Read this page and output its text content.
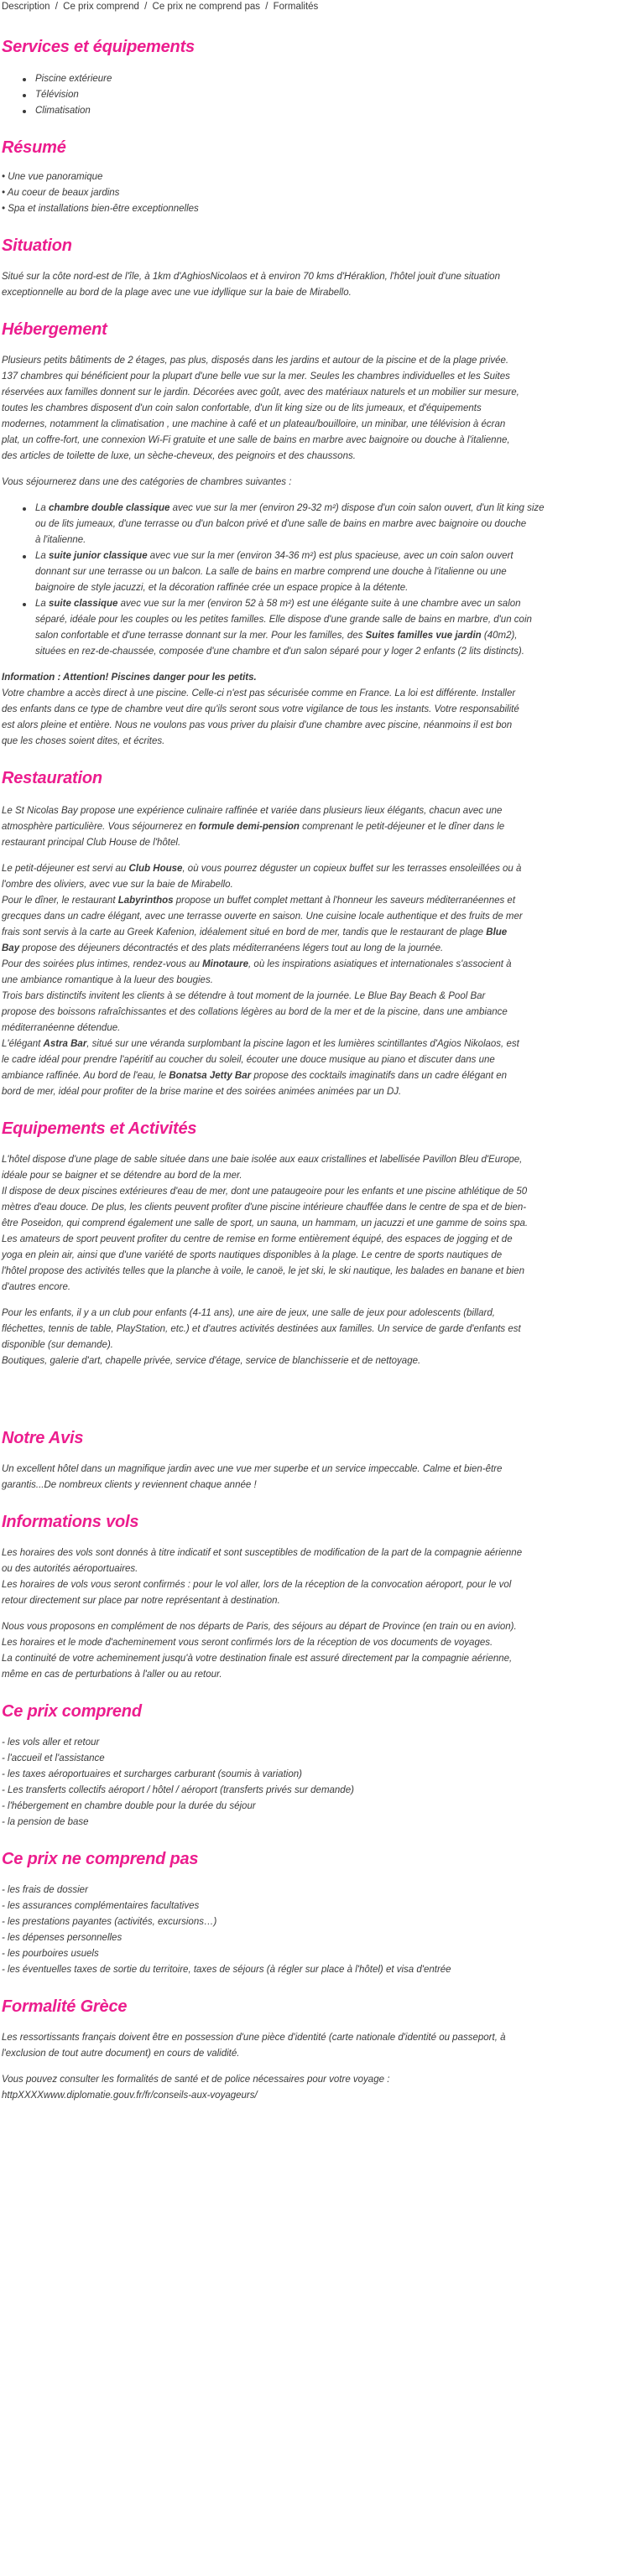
Description / Ce prix comprend / Ce prix ne comprend pas / Formalités
Services et équipements
Piscine extérieure
Télévision
Climatisation
Résumé
• Une vue panoramique
• Au coeur de beaux jardins
• Spa et installations bien-être exceptionnelles
Situation

Situé sur la côte nord-est de l'île, à 1km d'AghiosNicolaos et à environ 70 kms d'Héraklion, l'hôtel jouit d'une situation
exceptionnelle au bord de la plage avec une vue idyllique sur la baie de Mirabello.

Hébergement

Plusieurs petits bâtiments de 2 étages, pas plus, disposés dans les jardins et autour de la piscine et de la plage privée.
137 chambres qui bénéficient pour la plupart d'une belle vue sur la mer. Seules les chambres individuelles et les Suites
réservées aux familles donnent sur le jardin. Décorées avec goût, avec des matériaux naturels et un mobilier sur mesure,
toutes les chambres disposent d'un coin salon confortable, d'un lit king size ou de lits jumeaux, et d'équipements
modernes, notamment la climatisation , une machine à café et un plateau/bouilloire, un minibar, une télévision à écran
plat, un coffre-fort, une connexion Wi-Fi gratuite et une salle de bains en marbre avec baignoire ou douche à l'italienne,
des articles de toilette de luxe, un sèche-cheveux, des peignoirs et des chaussons.

Vous séjournerez dans une des catégories de chambres suivantes :

La chambre double classique avec vue sur la mer (environ 29-32 m²) dispose d'un coin salon ouvert, d'un lit king size
ou de lits jumeaux, d'une terrasse ou d'un balcon privé et d'une salle de bains en marbre avec baignoire ou douche
à l'italienne.
La suite junior classique avec vue sur la mer (environ 34-36 m²) est plus spacieuse, avec un coin salon ouvert
donnant sur une terrasse ou un balcon. La salle de bains en marbre comprend une douche à l'italienne ou une
baignoire de style jacuzzi, et la décoration raffinée crée un espace propice à la détente.
La suite classique avec vue sur la mer (environ 52 à 58 m²) est une élégante suite à une chambre avec un salon
séparé, idéale pour les couples ou les petites familles. Elle dispose d'une grande salle de bains en marbre, d'un coin
salon confortable et d'une terrasse donnant sur la mer. Pour les familles, des Suites familles vue jardin (40m2),
situées en rez-de-chaussée, composée d'une chambre et d'un salon séparé pour y loger 2 enfants (2 lits distincts).

Information : Attention! Piscines danger pour les petits.
Votre chambre a accès direct à une piscine. Celle-ci n'est pas sécurisée comme en France. La loi est différente. Installer
des enfants dans ce type de chambre veut dire qu'ils seront sous votre vigilance de tous les instants. Votre responsabilité
est alors pleine et entière. Nous ne voulons pas vous priver du plaisir d'une chambre avec piscine, néanmoins il est bon
que les choses soient dites, et écrites.

Restauration

Le St Nicolas Bay propose une expérience culinaire raffinée et variée dans plusieurs lieux élégants, chacun avec une
atmosphère particulière. Vous séjournerez en formule demi-pension comprenant le petit-déjeuner et le dîner dans le
restaurant principal Club House de l'hôtel.

Le petit-déjeuner est servi au Club House, où vous pourrez déguster un copieux buffet sur les terrasses ensoleillées ou à
l'ombre des oliviers, avec vue sur la baie de Mirabello.
Pour le dîner, le restaurant Labyrinthos propose un buffet complet mettant à l'honneur les saveurs méditerranéennes et
grecques dans un cadre élégant, avec une terrasse ouverte en saison. Une cuisine locale authentique et des fruits de mer
frais sont servis à la carte au Greek Kafenion, idéalement situé en bord de mer, tandis que le restaurant de plage Blue
Bay propose des déjeuners décontractés et des plats méditerranéens légers tout au long de la journée.
Pour des soirées plus intimes, rendez-vous au Minotaure, où les inspirations asiatiques et internationales s'associent à
une ambiance romantique à la lueur des bougies.
Trois bars distinctifs invitent les clients à se détendre à tout moment de la journée. Le Blue Bay Beach & Pool Bar
propose des boissons rafraîchissantes et des collations légères au bord de la mer et de la piscine, dans une ambiance
méditerranéenne détendue.
L'élégant Astra Bar, situé sur une véranda surplombant la piscine lagon et les lumières scintillantes d'Agios Nikolaos, est
le cadre idéal pour prendre l'apéritif au coucher du soleil, écouter une douce musique au piano et discuter dans une
ambiance raffinée. Au bord de l'eau, le Bonatsa Jetty Bar propose des cocktails imaginatifs dans un cadre élégant en
bord de mer, idéal pour profiter de la brise marine et des soirées animées animées par un DJ.

Equipements et Activités

L'hôtel dispose d'une plage de sable située dans une baie isolée aux eaux cristallines et labellisée Pavillon Bleu d'Europe,
idéale pour se baigner et se détendre au bord de la mer.
Il dispose de deux piscines extérieures d'eau de mer, dont une pataugeoire pour les enfants et une piscine athlétique de 50
mètres d'eau douce. De plus, les clients peuvent profiter d'une piscine intérieure chauffée dans le centre de spa et de bien-
être Poseidon, qui comprend également une salle de sport, un sauna, un hammam, un jacuzzi et une gamme de soins spa.
Les amateurs de sport peuvent profiter du centre de remise en forme entièrement équipé, des espaces de jogging et de
yoga en plein air, ainsi que d'une variété de sports nautiques disponibles à la plage. Le centre de sports nautiques de
l'hôtel propose des activités telles que la planche à voile, le canoë, le jet ski, le ski nautique, les balades en banane et bien
d'autres encore.

Pour les enfants, il y a un club pour enfants (4-11 ans), une aire de jeux, une salle de jeux pour adolescents (billard,
fléchettes, tennis de table, PlayStation, etc.) et d'autres activités destinées aux familles. Un service de garde d'enfants est
disponible (sur demande).
Boutiques, galerie d'art, chapelle privée, service d'étage, service de blanchisserie et de nettoyage.

Notre Avis

Un excellent hôtel dans un magnifique jardin avec une vue mer superbe et un service impeccable. Calme et bien-être
garantis...De nombreux clients y reviennent chaque année !

Informations vols

Les horaires des vols sont donnés à titre indicatif et sont susceptibles de modification de la part de la compagnie aérienne
ou des autorités aéroportuaires.
Les horaires de vols vous seront confirmés : pour le vol aller, lors de la réception de la convocation aéroport, pour le vol
retour directement sur place par notre représentant à destination.

Nous vous proposons en complément de nos départs de Paris, des séjours au départ de Province (en train ou en avion).
Les horaires et le mode d'acheminement vous seront confirmés lors de la réception de vos documents de voyages.
La continuité de votre acheminement jusqu'à votre destination finale est assuré directement par la compagnie aérienne,
même en cas de perturbations à l'aller ou au retour.

Ce prix comprend
- les vols aller et retour
- l'accueil et l'assistance
- les taxes aéroportuaires et surcharges carburant (soumis à variation)
- Les transferts collectifs aéroport / hôtel / aéroport (transferts privés sur demande)
- l'hébergement en chambre double pour la durée du séjour
- la pension de base
Ce prix ne comprend pas
- les frais de dossier
- les assurances complémentaires facultatives
- les prestations payantes (activités, excursions…)
- les dépenses personnelles
- les pourboires usuels
- les éventuelles taxes de sortie du territoire, taxes de séjours (à régler sur place à l'hôtel) et visa d'entrée
Formalité Grèce

Les ressortissants français doivent être en possession d'une pièce d'identité (carte nationale d'identité ou passeport, à
l'exclusion de tout autre document) en cours de validité.

Vous pouvez consulter les formalités de santé et de police nécessaires pour votre voyage :
httpXXXXwww.diplomatie.gouv.fr/fr/conseils-aux-voyageurs/
